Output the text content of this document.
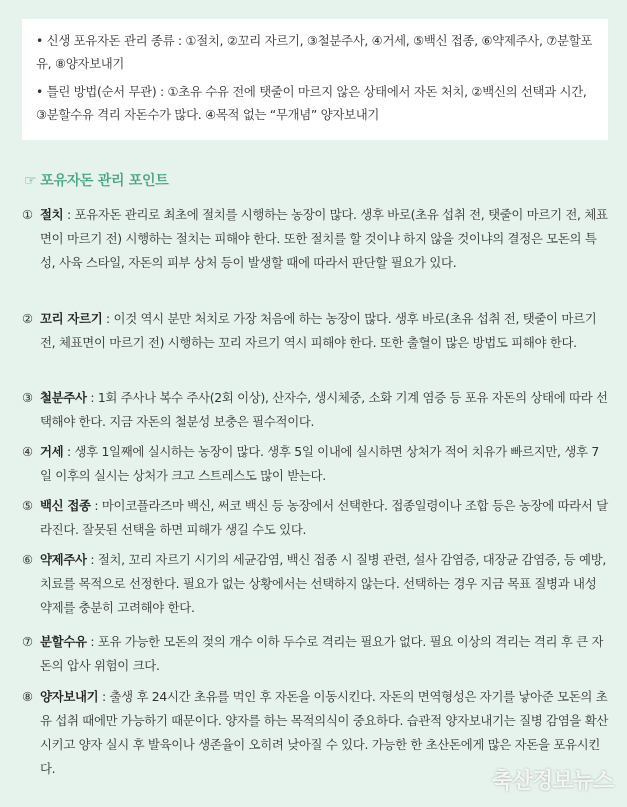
• 신생 포유자돈 관리 종류 : ①절치, ②꼬리 자르기, ③철분주사, ④거세, ⑤백신 접종, ⑥약제주사, ⑦분할포유, ⑧양자보내기

• 틀린 방법(순서 무관) : ①초유 수유 전에 탯줄이 마르지 않은 상태에서 자돈 처치, ②백신의 선택과 시간, ③분할수유 격리 자돈수가 많다. ④목적 없는 “무개념” 양자보내기

☞ 포유자돈 관리 포인트
① 절치 : 포유자돈 관리로 최초에 절치를 시행하는 농장이 많다. 생후 바로(초유 섭취 전, 탯줄이 마르기 전, 체표면이 마르기 전) 시행하는 절치는 피해야 한다. 또한 절치를 할 것이냐 하지 않을 것이냐의 결정은 모돈의 특성, 사육 스타일, 자돈의 피부 상처 등이 발생할 때에 따라서 판단할 필요가 있다.
② 꼬리 자르기 : 이것 역시 분만 처치로 가장 처음에 하는 농장이 많다. 생후 바로(초유 섭취 전, 탯줄이 마르기 전, 체표면이 마르기 전) 시행하는 꼬리 자르기 역시 피해야 한다. 또한 출혈이 많은 방법도 피해야 한다.
③ 철분주사 : 1회 주사나 복수 주사(2회 이상), 산자수, 생시체중, 소화 기계 염증 등 포유 자돈의 상태에 따라 선택해야 한다. 지금 자돈의 철분성 보충은 필수적이다.
④ 거세 : 생후 1일째에 실시하는 농장이 많다. 생후 5일 이내에 실시하면 상처가 적어 치유가 빠르지만, 생후 7일 이후의 실시는 상처가 크고 스트레스도 많이 받는다.
⑤ 백신 접종 : 마이코플라즈마 백신, 써코 백신 등 농장에서 선택한다. 접종일령이나 조합 등은 농장에 따라서 달라진다. 잘못된 선택을 하면 피해가 생길 수도 있다.
⑥ 약제주사 : 절치, 꼬리 자르기 시기의 세균감염, 백신 접종 시 질병 관련, 설사 감염증, 대장균 감염증, 등 예방, 치료를 목적으로 선정한다. 필요가 없는 상황에서는 선택하지 않는다. 선택하는 경우 지금 목표 질병과 내성 약제를 충분히 고려해야 한다.
⑦ 분할수유 : 포유 가능한 모돈의 젖의 개수 이하 두수로 격리는 필요가 없다. 필요 이상의 격리는 격리 후 큰 자돈의 압사 위험이 크다.
⑧ 양자보내기 : 출생 후 24시간 초유를 먹인 후 자돈을 이동시킨다. 자돈의 면역형성은 자기를 낳아준 모돈의 초유 섭취 때에만 가능하기 때문이다. 양자를 하는 목적의식이 중요하다. 습관적 양자보내기는 질병 감염을 확산시키고 양자 실시 후 발육이나 생존율이 오히려 낮아질 수 있다. 가능한 한 초산돈에게 많은 자돈을 포유시킨다.
축산정보뉴스
